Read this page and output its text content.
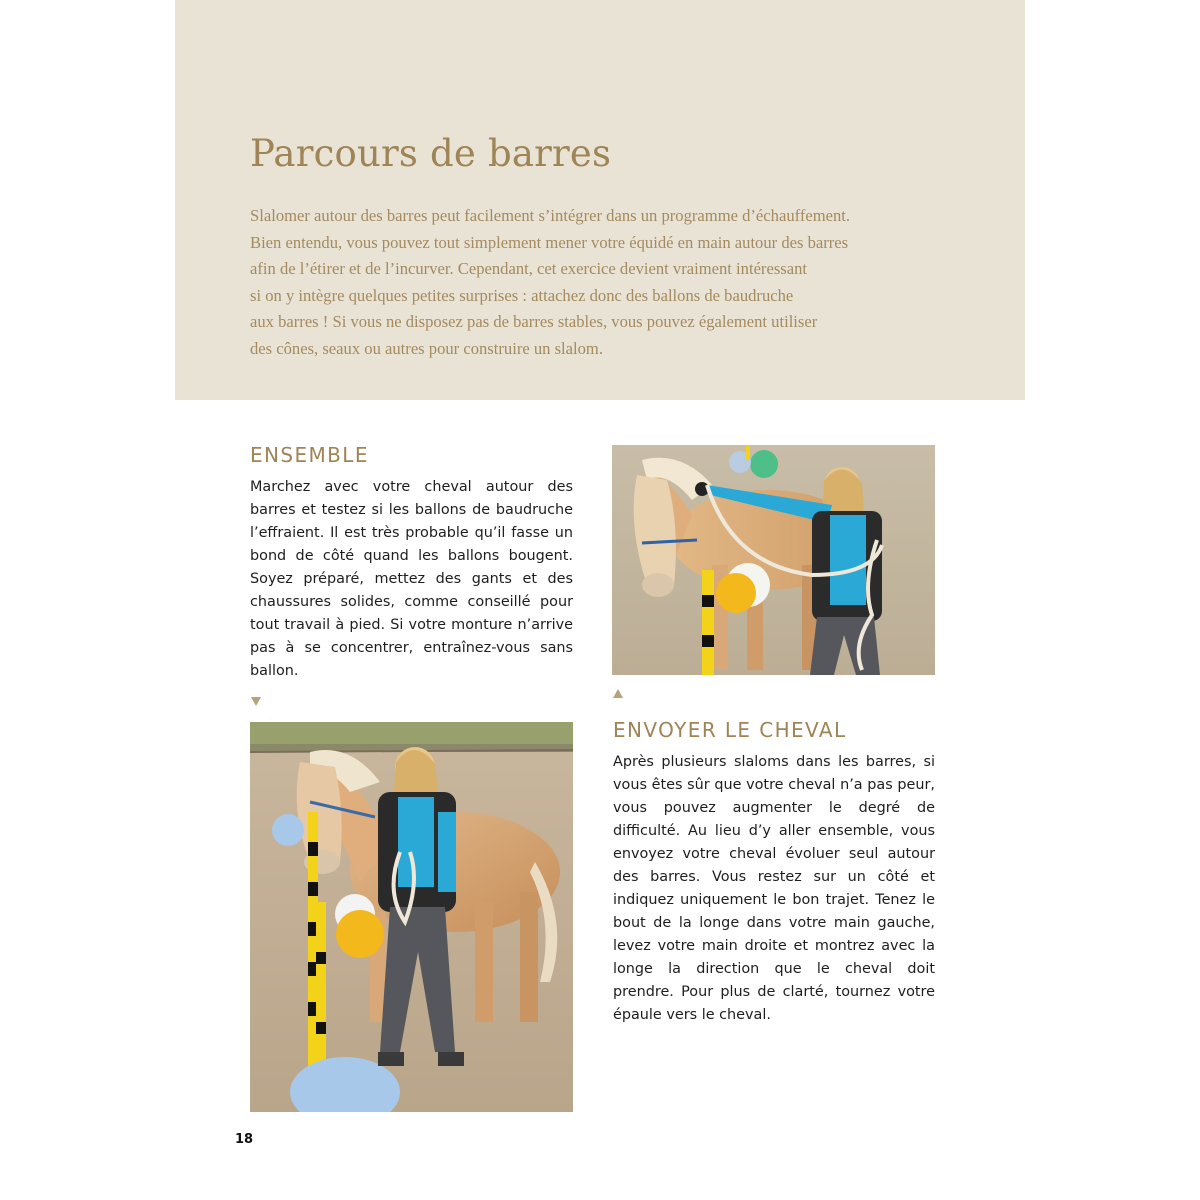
Parcours de barres

Slalomer autour des barres peut facilement s’intégrer dans un programme d’échauffement.
Bien entendu, vous pouvez tout simplement mener votre équidé en main autour des barres
afin de l’étirer et de l’incurver. Cependant, cet exercice devient vraiment intéressant
si on y intègre quelques petites surprises : attachez donc des ballons de baudruche
aux barres ! Si vous ne disposez pas de barres stables, vous pouvez également utiliser
des cônes, seaux ou autres pour construire un slalom.

ENSEMBLE

Marchez avec votre cheval autour des barres et testez si les ballons de baudruche l’effraient. Il est très probable qu’il fasse un bond de côté quand les ballons bougent. Soyez préparé, mettez des gants et des chaussures solides, comme conseillé pour tout travail à pied. Si votre monture n’arrive pas à se concentrer, entraînez-vous sans ballon.

ENVOYER LE CHEVAL

Après plusieurs slaloms dans les barres, si vous êtes sûr que votre cheval n’a pas peur, vous pouvez augmenter le degré de difficulté. Au lieu d’y aller ensemble, vous envoyez votre cheval évoluer seul autour des barres. Vous restez sur un côté et indiquez uniquement le bon trajet. Tenez le bout de la longe dans votre main gauche, levez votre main droite et montrez avec la longe la direction que le cheval doit prendre. Pour plus de clarté, tournez votre épaule vers le cheval.

18
